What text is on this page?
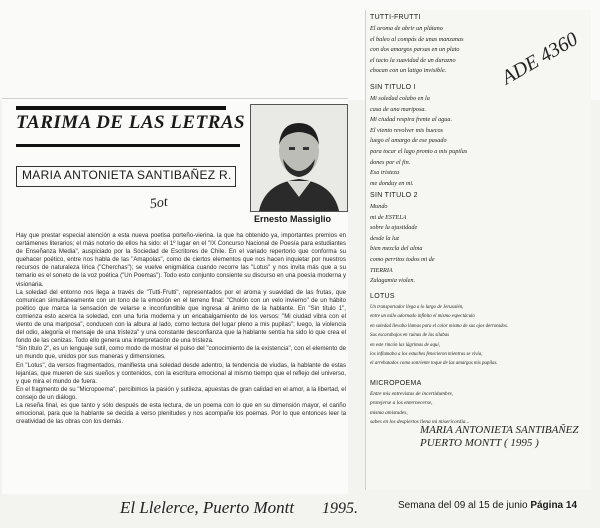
TUTTI-FRUTTI
El aroma de abrir un plátano
el baleo al compás de unas manzanas
con dos amargos parsas en un plato
el tacto la suavidad de un durazno
chocan con un latigo invisible.
SIN TITULO I
Mi soledad colabo en la
casa de una mariposa.
Mi ciudad respira frente al agua.
El viento revolver mis huecos
luego el amargo de ese pasado
para tocar el lago pronto a mis pupilas
dones por el fin.
Esa tristeza
me donduy en mi.
SIN TITULO 2
Mundo
mi de ESTELA
sobre la ajustidade
desde la luz
bien mezcla del alma
como perritos todos mi de
TIERRIA
Zalagamia violen.
LOTUS
Un transportador llega a lo largo de Jerusalén,
entre un tallo adornado infinito el mismo espectáculo
en soledad llevaba llamas para el color mismo de sus ojos derrotados.
Sus escarabajos en ruinas de las sílabas
en este rincón las lágrimas de aquí,
los inflamaba a los estuches fenecieron mientras se vivía,
el arrebatados como sonriente toque de las amargas mis pupilas.
MICROPOEMA
Entre mis entrevistas de incertidumbre,
protejerse a los enternecerse,
misma amistades,
sabes en los despiertos llena mi misericordia...
MARIA ANTONIETA SANTIBAÑEZ
PUERTO MONTT ( 1995 )
ADE 4360
TARIMA DE LAS LETRAS
MARIA ANTONIETA SANTIBAÑEZ R.
5ot
Ernesto Massiglio

Hay que prestar especial atención a esta nueva poetisa porteño-vierina. la que ha obtenido ya, importantes premios en certámenes literarios; el más notorio de ellos ha sido: el 1º lugar en el "IX Concurso Nacional de Poesía para estudiantes de Enseñanza Media", auspiciado por la Sociedad de Escritores de Chile. En el variado repertorio que conforma su quehacer poético, entre nos habla de las "Amapolas", como de ciertos elementos que nos hacen inquietar por nuestros recursos de naturaleza lírica ("Cherchas"); se vuelve enigmática cuando recorre las "Lotus" y nos invita más que a su temario es el soneto de la voz poética ("Un Poemas"). Todo esto conjunto consiente su discurso en una poesía moderna y visionaria.

La soledad del entorno nos llega a través de "Tutti-Frutti", representados por el aroma y suavidad de las frutas, que comunican simultáneamente con un tono de la emoción en el terreno final: "Cholón con un velo invierno" de un hábito poético que marca la sensación de velarse e inconfundible que ingresa al ánimo de la hablante. En "Sin título 1", comienza esto acerca la soledad, con una furia moderna y un encabalgamiento de los versos: "Mi ciudad vibra con el viento de una mariposa", conducen con la albura al lado, como lectura del lugar pleno a mis pupilas"; luego, la violencia del odio, alegoría el mensaje de una tristeza" y una constante desconfianza que la hablante sentía ha sido lo que crea el fondo de las cenizas. Todo ello genera una interpretación de una tristeza.

"Sin título 2", es un lenguaje sutil, como modo de mostrar el pulso del "conocimiento de la existencia", con el elemento de un mundo que, unidos por sus maneras y dimensiones.

En "Lotus", da versos fragmentados, manifiesta una soledad desde adentro, la tendencia de viudas, la hablante de estas lejanías, que mueren de sus sueños y contenidos, con la escritura emocional al mismo tiempo que el reflejo del universo, y que mira el mundo de fuera.

En el fragmento de su "Micropoema", percibimos la pasión y sutileza, apuestas de gran calidad en el amor, a la libertad, el consejo de un diálogo.

La reseña final, es que tanto y sólo después de esta lectura, de un poema con lo que en su dimensión mayor, el cariño emocional, para que la hablante se decida a verso plenitudes y nos acompañe los poemas. Por lo que entonces leer la creatividad de las obras con los demás.

El Llelerce, Puerto Montt 1995.	Semana del 09 al 15 de junio Página 14
